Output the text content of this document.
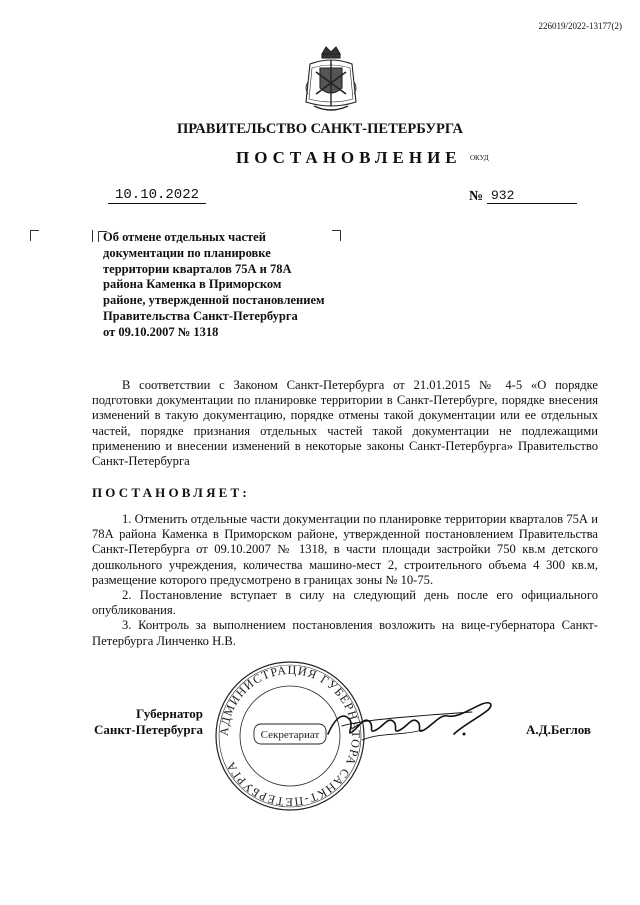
226019/2022-13177(2)
ПРАВИТЕЛЬСТВО САНКТ-ПЕТЕРБУРГА
ПОСТАНОВЛЕНИЕ ОКУД
10.10.2022	№ 932
Об отмене отдельных частей
документации по планировке
территории кварталов 75А и 78А
района Каменка в Приморском
районе, утвержденной постановлением
Правительства Санкт-Петербурга
от 09.10.2007 № 1318
В соответствии с Законом Санкт-Петербурга от 21.01.2015 № 4-5 «О порядке подготовки документации по планировке территории в Санкт-Петербурге, порядке внесения изменений в такую документацию, порядке отмены такой документации или ее отдельных частей, порядке признания отдельных частей такой документации не подлежащими применению и внесении изменений в некоторые законы Санкт-Петербурга» Правительство Санкт-Петербурга
ПОСТАНОВЛЯЕТ:

1. Отменить отдельные части документации по планировке территории кварталов 75А и 78А района Каменка в Приморском районе, утвержденной постановлением Правительства Санкт-Петербурга от 09.10.2007 № 1318, в части площади застройки 750 кв.м детского дошкольного учреждения, количества машино-мест 2, строительного объема 4 300 кв.м, размещение которого предусмотрено в границах зоны № 10-75.

2. Постановление вступает в силу на следующий день после его официального опубликования.

3. Контроль за выполнением постановления возложить на вице-губернатора Санкт-Петербурга Линченко Н.В.

Губернатор
Санкт-Петербурга АДМИНИСТРАЦИЯ ГУБЕРНАТОРА САНКТ-ПЕТЕРБУРГА
Секретариат	А.Д.Беглов
